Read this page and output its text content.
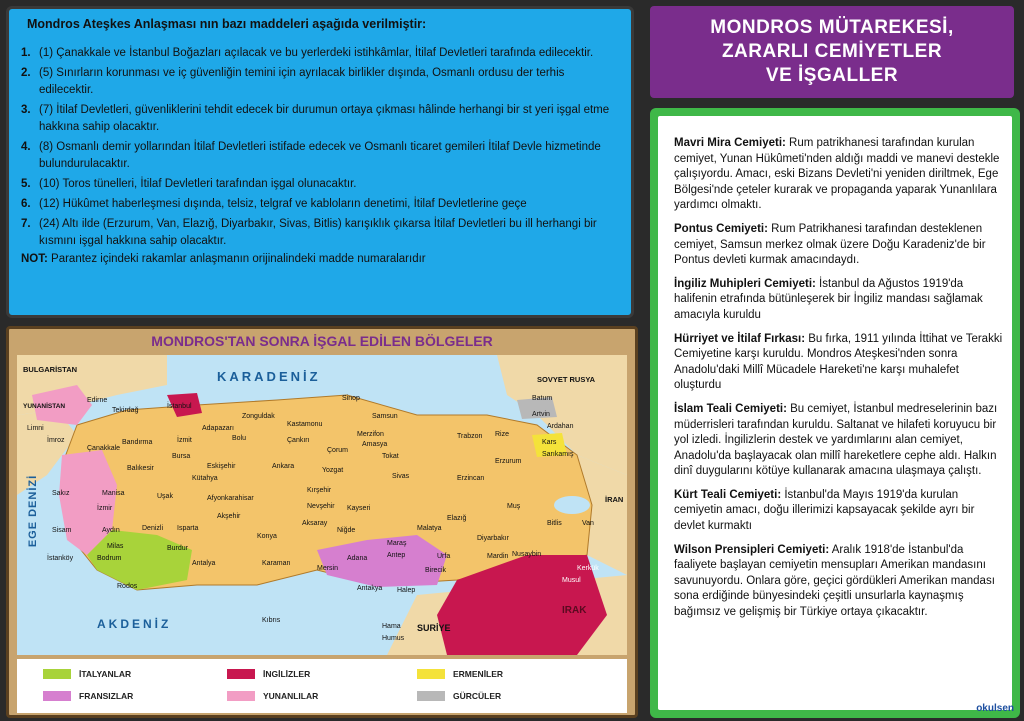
Mondros Ateşkes Anlaşması nın bazı maddeleri aşağıda verilmiştir:
1. (1) Çanakkale ve İstanbul Boğazları açılacak ve bu yerlerdeki istihkâmlar, İtilaf Devletleri tarafında edilecektir.
2. (5) Sınırların korunması ve iç güvenliğin temini için ayrılacak birlikler dışında, Osmanlı ordusu der terhis edilecektir.
3. (7) İtilaf Devletleri, güvenliklerini tehdit edecek bir durumun ortaya çıkması hâlinde herhangi bir st yeri işgal etme hakkına sahip olacaktır.
4. (8) Osmanlı demir yollarından İtilaf Devletleri istifade edecek ve Osmanlı ticaret gemileri İtilaf Devle hizmetinde bulundurulacaktır.
5. (10) Toros tünelleri, İtilaf Devletleri tarafından işgal olunacaktır.
6. (12) Hükûmet haberleşmesi dışında, telsiz, telgraf ve kabloların denetimi, İtilaf Devletlerine geçe
7. (24) Altı ilde (Erzurum, Van, Elazığ, Diyarbakır, Sivas, Bitlis) karışıklık çıkarsa İtilaf Devletleri bu ill herhangi bir kısmını işgal hakkına sahip olacaktır.
NOT: Parantez içindeki rakamlar anlaşmanın orijinalindeki madde numaralarıdır
MONDROS MÜTAREKESİ,
ZARARLI CEMİYETLER
VE İŞGALLER
Mavri Mira Cemiyeti: Rum patrikhanesi tarafından kurulan cemiyet, Yunan Hükûmeti'nden aldığı maddi ve manevi destekle çalışıyordu. Amacı, eski Bizans Devleti'ni yeniden diriltmek, Ege Bölgesi'nde çeteler kurarak ve propaganda yaparak Yunanlılara yardımcı olmaktı.
Pontus Cemiyeti: Rum Patrikhanesi tarafından desteklenen cemiyet, Samsun merkez olmak üzere Doğu Karadeniz'de bir Pontus devleti kurmak amacındaydı.
İngiliz Muhipleri Cemiyeti: İstanbul da Ağustos 1919'da halifenin etrafında bütünleşerek bir İngiliz mandası sağlamak amacıyla kuruldu
Hürriyet ve İtilaf Fırkası: Bu fırka, 1911 yılında İttihat ve Terakki Cemiyetine karşı kuruldu. Mondros Ateşkesi'nden sonra Anadolu'daki Millî Mücadele Hareketi'ne karşı muhalefet oluşturdu
İslam Teali Cemiyeti: Bu cemiyet, İstanbul medreselerinin bazı müderrisleri tarafından kuruldu. Saltanat ve hilafeti koruyucu bir yol izledi. İngilizlerin destek ve yardımlarını alan cemiyet, Anadolu'da başlayacak olan millî hareketlere cephe aldı. Halkın dinî duygularını kötüye kullanarak amacına ulaşmaya çalıştı.
Kürt Teali Cemiyeti: İstanbul'da Mayıs 1919'da kurulan cemiyetin amacı, doğu illerimizi kapsayacak şekilde ayrı bir devlet kurmaktı
Wilson Prensipleri Cemiyeti: Aralık 1918'de İstanbul'da faaliyete başlayan cemiyetin mensupları Amerikan mandasını savunuyordu. Onlara göre, geçici gördükleri Amerikan mandası sona erdiğinde bünyesindeki çeşitli unsurlarla kaynaşmış bağımsız ve gelişmiş bir Türkiye ortaya çıkacaktır.
okulsen
MONDROS'TAN SONRA İŞGAL EDİLEN BÖLGELER
KARADENİZ
AKDENİZ
EGE DENİZİ
BULGARİSTAN
SOVYET RUSYA
İRAN
IRAK
SURİYE
YUNANİSTAN
Edirne
Tekirdağ
İstanbul
Zonguldak
Kastamonu
Sinop
Samsun
Trabzon Rize
Batum
Artvin
Ardahan
Kars
Sarıkamış
Erzurum
Erzincan
Sivas
Tokat
Amasya
Çorum
Merzifon
Çankırı
Ankara
Bolu
Adapazarı
İzmit
Bursa
Bandırma
Çanakkale
Balıkesir	Eskişehir
Kütahya
Manisa
İzmir
Uşak	Afyonkarahisar
Akşehir
Konya
Isparta
Denizli
Aydın
Milas
Bodrum
Burdur
Antalya	Karaman
Kayseri
Yozgat
Kırşehir
Nevşehir
Aksaray
Niğde
Adana
Mersin
Antakya Halep
Maraş
Antep	Urfa
Birecik
Malatya
Elazığ
Muş
Bitlis	Van
Diyarbakır
Mardin Nusaybin
Musul
Kerkük
Rodos
Kıbrıs
Hama
Humus
İmroz
Limni
Sakız
Sisam
İstanköy
İTALYANLAR	İNGİLİZLER	ERMENİLER
FRANSIZLAR	YUNANLILAR	GÜRCÜLER
